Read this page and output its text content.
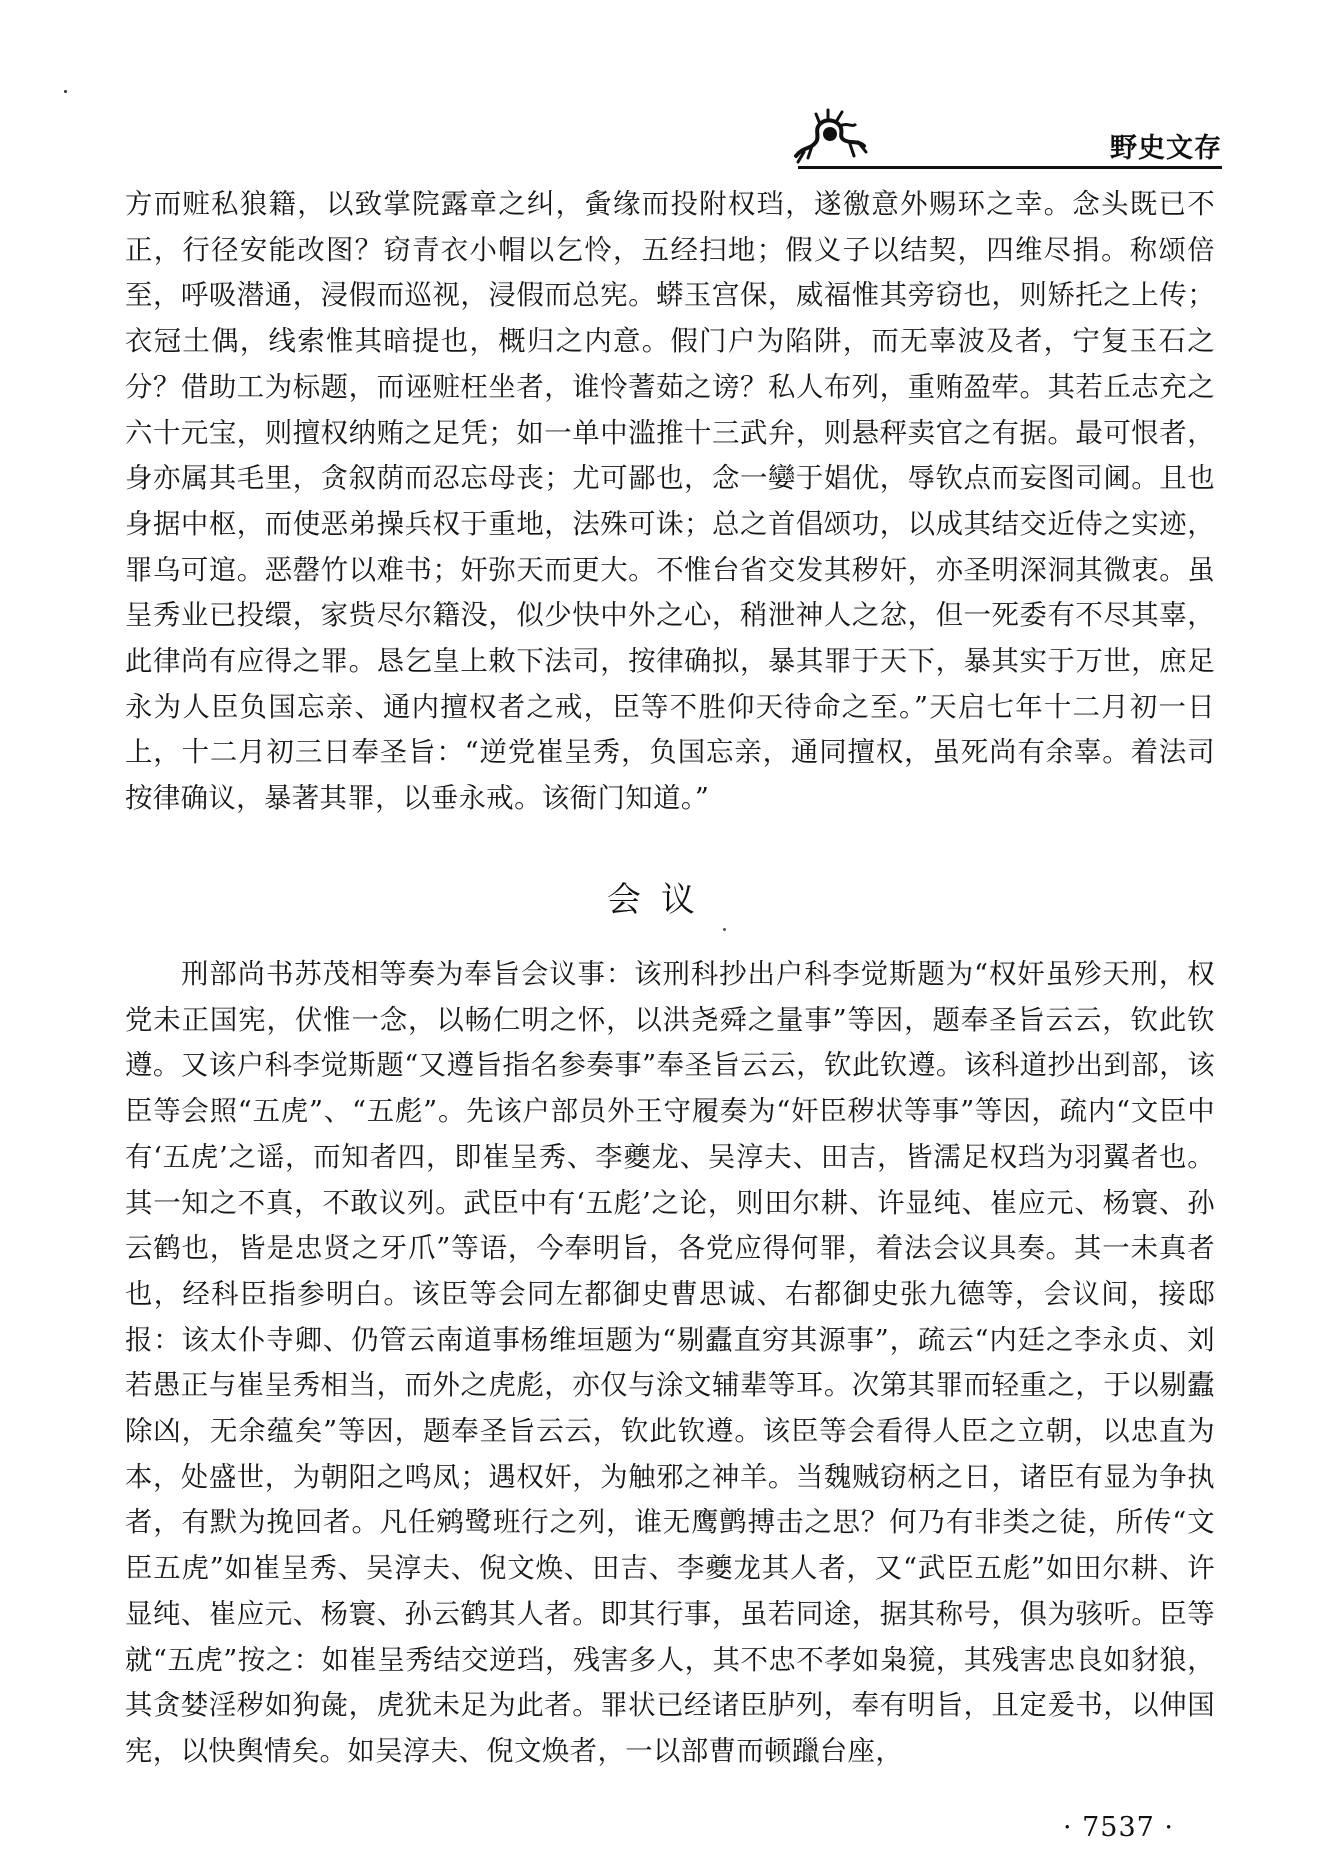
野史文存

方而赃私狼籍，以致掌院露章之纠，夤缘而投附权珰，遂徼意外赐环之幸。念头既已不正，行径安能改图？窃青衣小帽以乞怜，五经扫地；假义子以结契，四维尽捐。称颂倍至，呼吸潜通，浸假而巡视，浸假而总宪。蟒玉宫保，威福惟其旁窃也，则矫托之上传；衣冠土偶，线索惟其暗提也，概归之内意。假门户为陷阱，而无辜波及者，宁复玉石之分？借助工为标题，而诬赃枉坐者，谁怜蓍茹之谤？私人布列，重贿盈荦。其若丘志充之六十元宝，则擅权纳贿之足凭；如一单中滥推十三武弁，则悬秤卖官之有据。最可恨者，身亦属其毛里，贪叙荫而忍忘母丧；尤可鄙也，念一孌于娼优，辱钦点而妄图司阃。且也身据中枢，而使恶弟操兵权于重地，法殊可诛；总之首倡颂功，以成其结交近侍之实迹，罪乌可逭。恶罄竹以难书；奸弥天而更大。不惟台省交发其秽奸，亦圣明深洞其微衷。虽呈秀业已投缳，家赀尽尔籍没，似少快中外之心，稍泄神人之忿，但一死委有不尽其辜，此律尚有应得之罪。恳乞皇上敕下法司，按律确拟，暴其罪于天下，暴其实于万世，庶足永为人臣负国忘亲、通内擅权者之戒，臣等不胜仰天待命之至。”天启七年十二月初一日上，十二月初三日奉圣旨：“逆党崔呈秀，负国忘亲，通同擅权，虽死尚有余辜。着法司按律确议，暴著其罪，以垂永戒。该衙门知道。”

会议

刑部尚书苏茂相等奏为奉旨会议事：该刑科抄出户科李觉斯题为“权奸虽殄天刑，权党未正国宪，伏惟一念，以畅仁明之怀，以洪尧舜之量事”等因，题奉圣旨云云，钦此钦遵。又该户科李觉斯题“又遵旨指名参奏事”奉圣旨云云，钦此钦遵。该科道抄出到部，该臣等会照“五虎”、“五彪”。先该户部员外王守履奏为“奸臣秽状等事”等因，疏内“文臣中有‘五虎’之谣，而知者四，即崔呈秀、李夔龙、吴淳夫、田吉，皆濡足权珰为羽翼者也。其一知之不真，不敢议列。武臣中有‘五彪’之论，则田尔耕、许显纯、崔应元、杨寰、孙云鹤也，皆是忠贤之牙爪”等语，今奉明旨，各党应得何罪，着法会议具奏。其一未真者也，经科臣指参明白。该臣等会同左都御史曹思诚、右都御史张九德等，会议间，接邸报：该太仆寺卿、仍管云南道事杨维垣题为“剔蠹直穷其源事”，疏云“内廷之李永贞、刘若愚正与崔呈秀相当，而外之虎彪，亦仅与涂文辅辈等耳。次第其罪而轻重之，于以剔蠹除凶，无余蕴矣”等因，题奉圣旨云云，钦此钦遵。该臣等会看得人臣之立朝，以忠直为本，处盛世，为朝阳之鸣凤；遇权奸，为触邪之神羊。当魏贼窃柄之日，诸臣有显为争执者，有默为挽回者。凡任鹓鹭班行之列，谁无鹰鹯搏击之思？何乃有非类之徒，所传“文臣五虎”如崔呈秀、吴淳夫、倪文焕、田吉、李夔龙其人者，又“武臣五彪”如田尔耕、许显纯、崔应元、杨寰、孙云鹤其人者。即其行事，虽若同途，据其称号，俱为骇听。臣等就“五虎”按之：如崔呈秀结交逆珰，残害多人，其不忠不孝如枭獍，其残害忠良如豺狼，其贪婪淫秽如狗彘，虎犹未足为此者。罪状已经诸臣胪列，奉有明旨，且定爰书，以伸国宪，以快舆情矣。如吴淳夫、倪文焕者，一以部曹而顿躐台座，

· 7537 ·
